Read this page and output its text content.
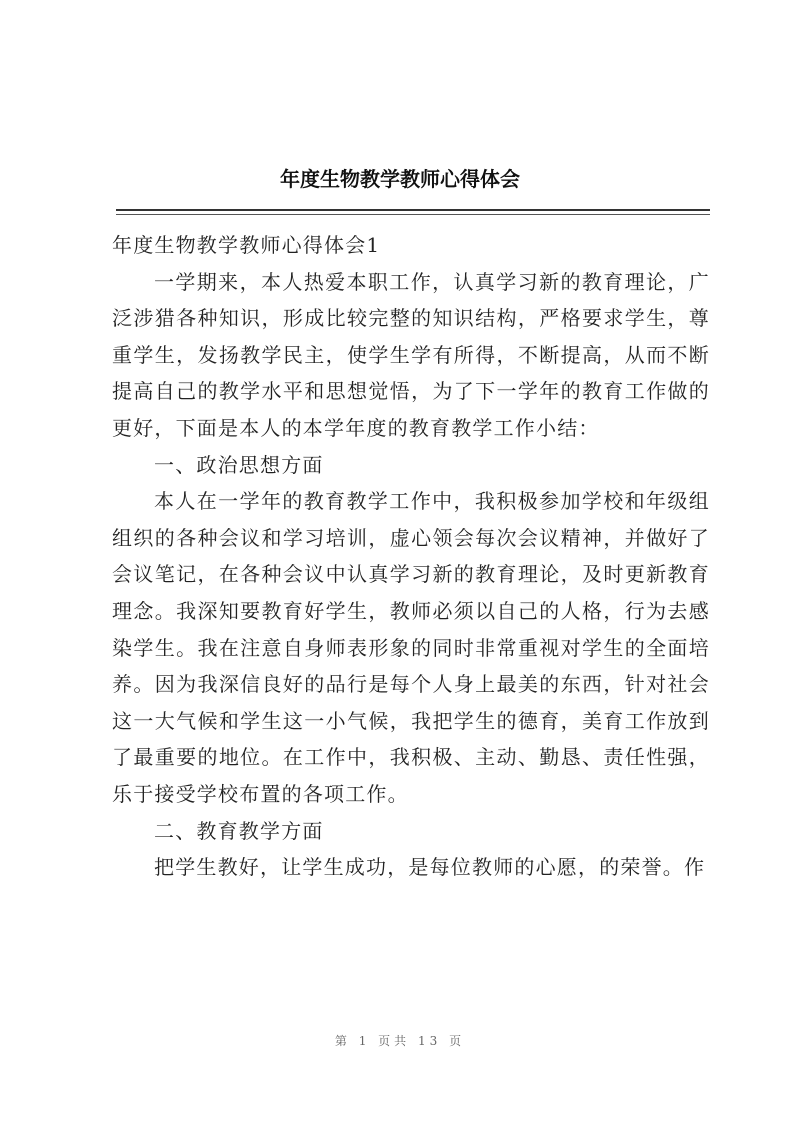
年度生物教学教师心得体会

年度生物教学教师心得体会1

一学期来，本人热爱本职工作，认真学习新的教育理论，广泛涉猎各种知识，形成比较完整的知识结构，严格要求学生，尊重学生，发扬教学民主，使学生学有所得，不断提高，从而不断提高自己的教学水平和思想觉悟，为了下一学年的教育工作做的更好，下面是本人的本学年度的教育教学工作小结：

一、政治思想方面

本人在一学年的教育教学工作中，我积极参加学校和年级组组织的各种会议和学习培训，虚心领会每次会议精神，并做好了会议笔记，在各种会议中认真学习新的教育理论，及时更新教育理念。我深知要教育好学生，教师必须以自己的人格，行为去感染学生。我在注意自身师表形象的同时非常重视对学生的全面培养。因为我深信良好的品行是每个人身上最美的东西，针对社会这一大气候和学生这一小气候，我把学生的德育，美育工作放到了最重要的地位。在工作中，我积极、主动、勤恳、责任性强，乐于接受学校布置的各项工作。

二、教育教学方面

把学生教好，让学生成功，是每位教师的心愿，的荣誉。作

第 1 页共 13 页
